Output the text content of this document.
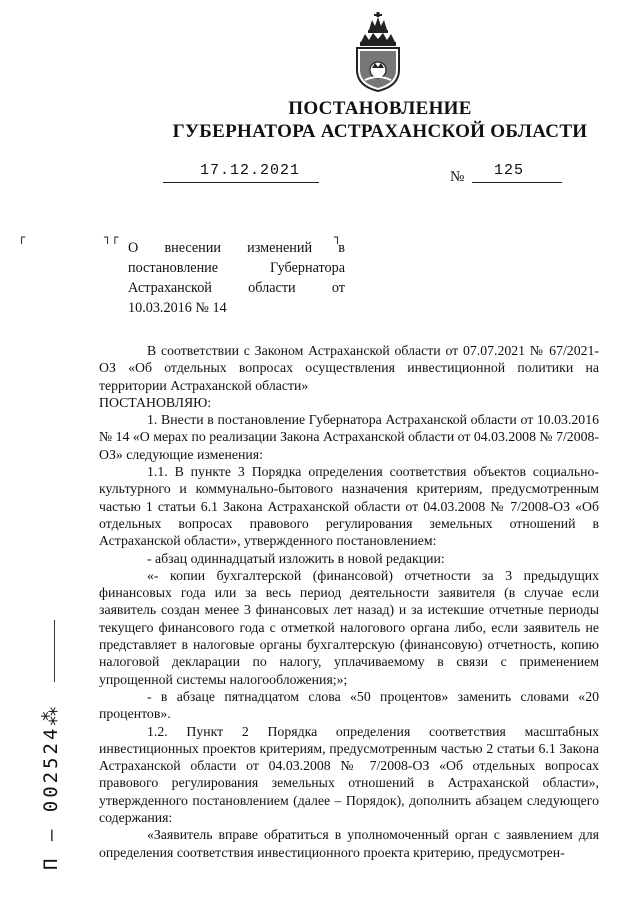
ПОСТАНОВЛЕНИЕ
ГУБЕРНАТОРА АСТРАХАНСКОЙ ОБЛАСТИ
17.12.2021	№ 125
┌	┐┌	┐
О внесении изменений в постановление Губернатора Астраханской области от 10.03.2016 № 14

В соответствии с Законом Астраханской области от 07.07.2021 № 67/2021-ОЗ «Об отдельных вопросах осуществления инвестиционной политики на территории Астраханской области»

ПОСТАНОВЛЯЮ:

1. Внести в постановление Губернатора Астраханской области от 10.03.2016 № 14 «О мерах по реализации Закона Астраханской области от 04.03.2008 № 7/2008-ОЗ» следующие изменения:

1.1. В пункте 3 Порядка определения соответствия объектов социально-культурного и коммунально-бытового назначения критериям, предусмотренным частью 1 статьи 6.1 Закона Астраханской области от 04.03.2008 № 7/2008-ОЗ «Об отдельных вопросах правового регулирования земельных отношений в Астраханской области», утвержденного постановлением:

- абзац одиннадцатый изложить в новой редакции:

«- копии бухгалтерской (финансовой) отчетности за 3 предыдущих финансовых года или за весь период деятельности заявителя (в случае если заявитель создан менее 3 финансовых лет назад) и за истекшие отчетные периоды текущего финансового года с отметкой налогового органа либо, если заявитель не представляет в налоговые органы бухгалтерскую (финансовую) отчетность, копию налоговой декларации по налогу, уплачиваемому в связи с применением упрощенной системы налогообложения;»;

- в абзаце пятнадцатом слова «50 процентов» заменить словами «20 процентов».

1.2. Пункт 2 Порядка определения соответствия масштабных инвестиционных проектов критериям, предусмотренным частью 2 статьи 6.1 Закона Астраханской области от 04.03.2008 № 7/2008-ОЗ «Об отдельных вопросах правового регулирования земельных отношений в Астраханской области», утвержденного постановлением (далее – Порядок), дополнить абзацем следующего содержания:

«Заявитель вправе обратиться в уполномоченный орган с заявлением для определения соответствия инвестиционного проекта критерию, предусмотрен-

П – 002524⁂
